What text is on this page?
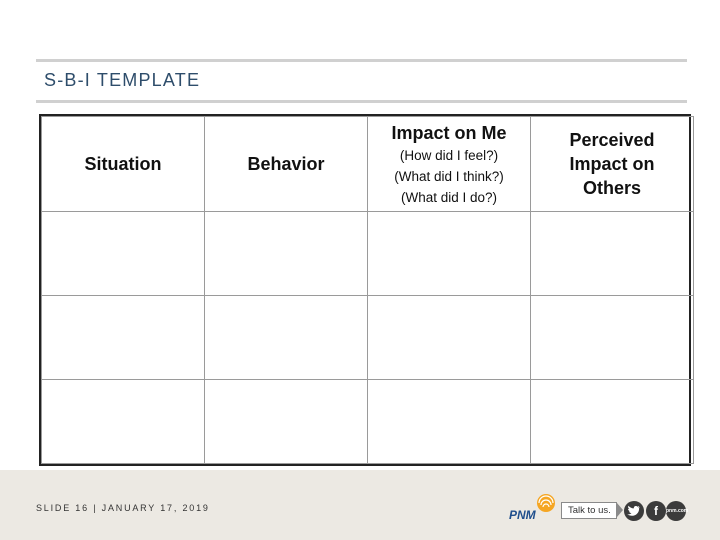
S-B-I TEMPLATE
Situation	Behavior	Impact on Me
(How did I feel?)
(What did I think?)
(What did I do?)	Perceived Impact on Others

SLIDE 16 | JANUARY 17, 2019	PNM	Talk to us.	f	pnm.com
